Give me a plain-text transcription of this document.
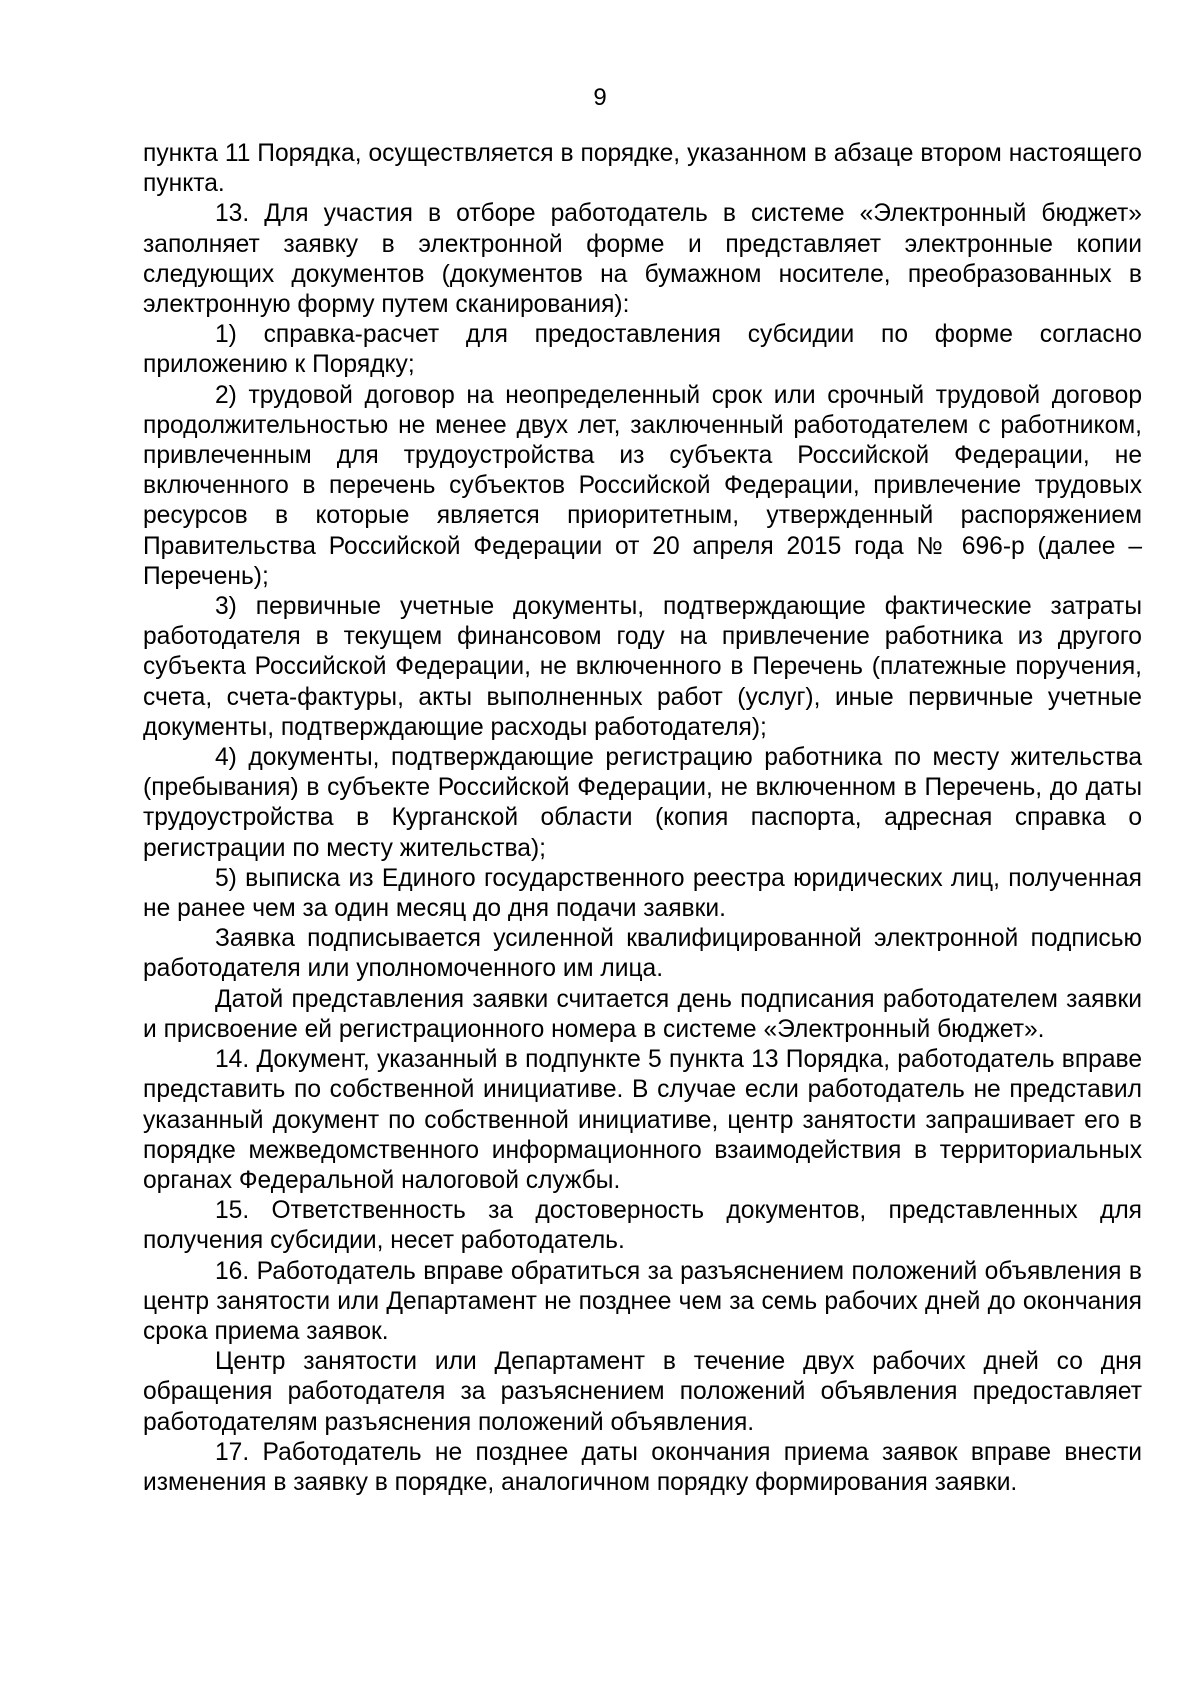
9

пункта 11 Порядка, осуществляется в порядке, указанном в абзаце втором настоящего пункта.

13. Для участия в отборе работодатель в системе «Электронный бюджет» заполняет заявку в электронной форме и представляет электронные копии следующих документов (документов на бумажном носителе, преобразованных в электронную форму путем сканирования):

1) справка-расчет для предоставления субсидии по форме согласно приложению к Порядку;

2) трудовой договор на неопределенный срок или срочный трудовой договор продолжительностью не менее двух лет, заключенный работодателем с работником, привлеченным для трудоустройства из субъекта Российской Федерации, не включенного в перечень субъектов Российской Федерации, привлечение трудовых ресурсов в которые является приоритетным, утвержденный распоряжением Правительства Российской Федерации от 20 апреля 2015 года № 696-р (далее – Перечень);

3) первичные учетные документы, подтверждающие фактические затраты работодателя в текущем финансовом году на привлечение работника из другого субъекта Российской Федерации, не включенного в Перечень (платежные поручения, счета, счета-фактуры, акты выполненных работ (услуг), иные первичные учетные документы, подтверждающие расходы работодателя);

4) документы, подтверждающие регистрацию работника по месту жительства (пребывания) в субъекте Российской Федерации, не включенном в Перечень, до даты трудоустройства в Курганской области (копия паспорта, адресная справка о регистрации по месту жительства);

5) выписка из Единого государственного реестра юридических лиц, полученная не ранее чем за один месяц до дня подачи заявки.

Заявка подписывается усиленной квалифицированной электронной подписью работодателя или уполномоченного им лица.

Датой представления заявки считается день подписания работодателем заявки и присвоение ей регистрационного номера в системе «Электронный бюджет».

14. Документ, указанный в подпункте 5 пункта 13 Порядка, работодатель вправе представить по собственной инициативе. В случае если работодатель не представил указанный документ по собственной инициативе, центр занятости запрашивает его в порядке межведомственного информационного взаимодействия в территориальных органах Федеральной налоговой службы.

15. Ответственность за достоверность документов, представленных для получения субсидии, несет работодатель.

16. Работодатель вправе обратиться за разъяснением положений объявления в центр занятости или Департамент не позднее чем за семь рабочих дней до окончания срока приема заявок.

Центр занятости или Департамент в течение двух рабочих дней со дня обращения работодателя за разъяснением положений объявления предоставляет работодателям разъяснения положений объявления.

17. Работодатель не позднее даты окончания приема заявок вправе внести изменения в заявку в порядке, аналогичном порядку формирования заявки.
